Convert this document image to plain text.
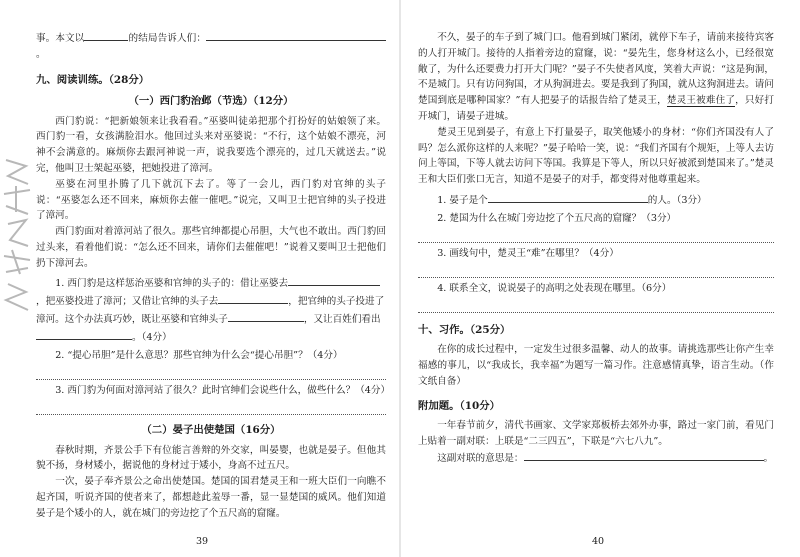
事。本文以	的结局告诉人们：。

九、阅读训练。（28分）

（一）西门豹治邺（节选）（12分）

西门豹说：“把新娘领来让我看看。”巫婆叫徒弟把那个打扮好的姑娘领了来。西门豹一看，女孩满脸泪水。他回过头来对巫婆说：“不行，这个姑娘不漂亮，河神不会满意的。麻烦你去跟河神说一声，说我要选个漂亮的，过几天就送去。”说完，他叫卫士架起巫婆，把她投进了漳河。

巫婆在河里扑腾了几下就沉下去了。等了一会儿，西门豹对官绅的头子说：“巫婆怎么还不回来，麻烦你去催一催吧。”说完，又叫卫士把官绅的头子投进了漳河。

西门豹面对着漳河站了很久。那些官绅都提心吊胆，大气也不敢出。西门豹回过头来，看着他们说：“怎么还不回来，请你们去催催吧！”说着又要叫卫士把他们扔下漳河去。

1. 西门豹是这样惩治巫婆和官绅的头子的：借让巫婆去，把巫婆投进了漳河；又借让官绅的头子去	，把官绅的头子投进了漳河。这个办法真巧妙，既让巫婆和官绅头子	，又让百姓们看出。（4分）

2. “提心吊胆”是什么意思？那些官绅为什么会“提心吊胆”？（4分）

3. 西门豹为何面对漳河站了很久？此时官绅们会说些什么，做些什么？（4分）

（二）晏子出使楚国（16分）

春秋时期，齐景公手下有位能言善辩的外交家，叫晏婴，也就是晏子。但他其貌不扬，身材矮小，据说他的身材过于矮小，身高不过五尺。

一次，晏子奉齐景公之命出使楚国。楚国的国君楚灵王和一班大臣们一向瞧不起齐国，听说齐国的使者来了，都想趁此羞辱一番，显一显楚国的威风。他们知道晏子是个矮小的人，就在城门的旁边挖了个五尺高的窟窿。

39

不久，晏子的车子到了城门口。他看到城门紧闭，就停下车子，请前来接待宾客的人打开城门。接待的人指着旁边的窟窿，说：“晏先生，您身材这么小，已经很宽敞了，为什么还要费力打开大门呢？”晏子不失使者风度，笑着大声说：“这是狗洞，不是城门。只有访问狗国，才从狗洞进去。要是我到了狗国，就从这狗洞进去。请问楚国到底是哪种国家？”有人把晏子的话报告给了楚灵王，楚灵王被难住了，只好打开城门，请晏子进城。

楚灵王见到晏子，有意上下打量晏子，取笑他矮小的身材：“你们齐国没有人了吗？怎么派你这样的人来呢？”晏子哈哈一笑，说：“我们齐国有个规矩，上等人去访问上等国，下等人就去访问下等国。我算是下等人，所以只好被派到楚国来了。”楚灵王和大臣们张口无言，知道不是晏子的对手，都变得对他尊重起来。

1. 晏子是个	的人。（3分）

2. 楚国为什么在城门旁边挖了个五尺高的窟窿？（3分）

3. 画线句中，楚灵王“难”在哪里？（4分）

4. 联系全文，说说晏子的高明之处表现在哪里。（6分）

十、习作。（25分）

在你的成长过程中，一定发生过很多温馨、动人的故事。请挑选那些让你产生幸福感的事儿，以“我成长，我幸福”为题写一篇习作。注意感情真挚，语言生动。（作文纸自备）

附加题。（10分）

一年春节前夕，清代书画家、文学家郑板桥去郊外办事，路过一家门前，看见门上贴着一副对联：上联是“二三四五”，下联是“六七八九”。

这副对联的意思是：	。

40
